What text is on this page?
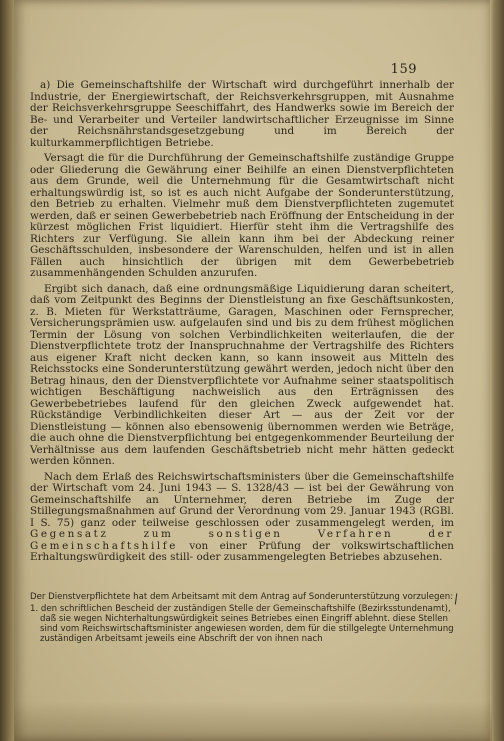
159

a) Die Gemeinschaftshilfe der Wirtschaft wird durchgeführt innerhalb der Industrie, der Energiewirtschaft, der Reichsverkehrsgruppen, mit Ausnahme der Reichsverkehrsgruppe Seeschiffahrt, des Handwerks sowie im Bereich der Be- und Verarbeiter und Verteiler landwirtschaftlicher Erzeugnisse im Sinne der Reichsnährstandsgesetzgebung und im Bereich der kulturkammerpflichtigen Betriebe.

Versagt die für die Durchführung der Gemeinschaftshilfe zuständige Gruppe oder Gliederung die Gewährung einer Beihilfe an einen Dienstverpflichteten aus dem Grunde, weil die Unternehmung für die Gesamtwirtschaft nicht erhaltungswürdig ist, so ist es auch nicht Aufgabe der Sonderunterstützung, den Betrieb zu erhalten. Vielmehr muß dem Dienstverpflichteten zugemutet werden, daß er seinen Gewerbebetrieb nach Eröffnung der Entscheidung in der kürzest möglichen Frist liquidiert. Hierfür steht ihm die Vertragshilfe des Richters zur Verfügung. Sie allein kann ihm bei der Abdeckung reiner Geschäftsschulden, insbesondere der Warenschulden, helfen und ist in allen Fällen auch hinsichtlich der übrigen mit dem Gewerbebetrieb zusammenhängenden Schulden anzurufen.

Ergibt sich danach, daß eine ordnungsmäßige Liquidierung daran scheitert, daß vom Zeitpunkt des Beginns der Dienstleistung an fixe Geschäftsunkosten, z. B. Mieten für Werkstatträume, Garagen, Maschinen oder Fernsprecher, Versicherungsprämien usw. aufgelaufen sind und bis zu dem frühest möglichen Termin der Lösung von solchen Verbindlichkeiten weiterlaufen, die der Dienstverpflichtete trotz der Inanspruchnahme der Vertragshilfe des Richters aus eigener Kraft nicht decken kann, so kann insoweit aus Mitteln des Reichsstocks eine Sonderunterstützung gewährt werden, jedoch nicht über den Betrag hinaus, den der Dienstverpflichtete vor Aufnahme seiner staatspolitisch wichtigen Beschäftigung nachweislich aus den Erträgnissen des Gewerbebetriebes laufend für den gleichen Zweck aufgewendet hat. Rückständige Verbindlichkeiten dieser Art — aus der Zeit vor der Dienstleistung — können also ebensowenig übernommen werden wie Beträge, die auch ohne die Dienstverpflichtung bei entgegenkommender Beurteilung der Verhältnisse aus dem laufenden Geschäftsbetrieb nicht mehr hätten gedeckt werden können.

Nach dem Erlaß des Reichswirtschaftsministers über die Gemeinschaftshilfe der Wirtschaft vom 24. Juni 1943 — S. 1328/43 — ist bei der Gewährung von Gemeinschaftshilfe an Unternehmer, deren Betriebe im Zuge der Stillegungsmaßnahmen auf Grund der Verordnung vom 29. Januar 1943 (RGBl. I S. 75) ganz oder teilweise geschlossen oder zusammengelegt werden, im Gegensatz zum sonstigen Verfahren der Gemeinschaftshilfe von einer Prüfung der volkswirtschaftlichen Erhaltungswürdigkeit des still- oder zusammengelegten Betriebes abzusehen.

/

Der Dienstverpflichtete hat dem Arbeitsamt mit dem Antrag auf Sonderunterstützung vorzulegen:

1. den schriftlichen Bescheid der zuständigen Stelle der Gemeinschaftshilfe (Bezirksstundenamt), daß sie wegen Nichterhaltungswürdigkeit seines Betriebes einen Eingriff ablehnt. diese Stellen sind vom Reichswirtschaftsminister angewiesen worden, dem für die stillgelegte Unternehmung zuständigen Arbeitsamt jeweils eine Abschrift der von ihnen nach
